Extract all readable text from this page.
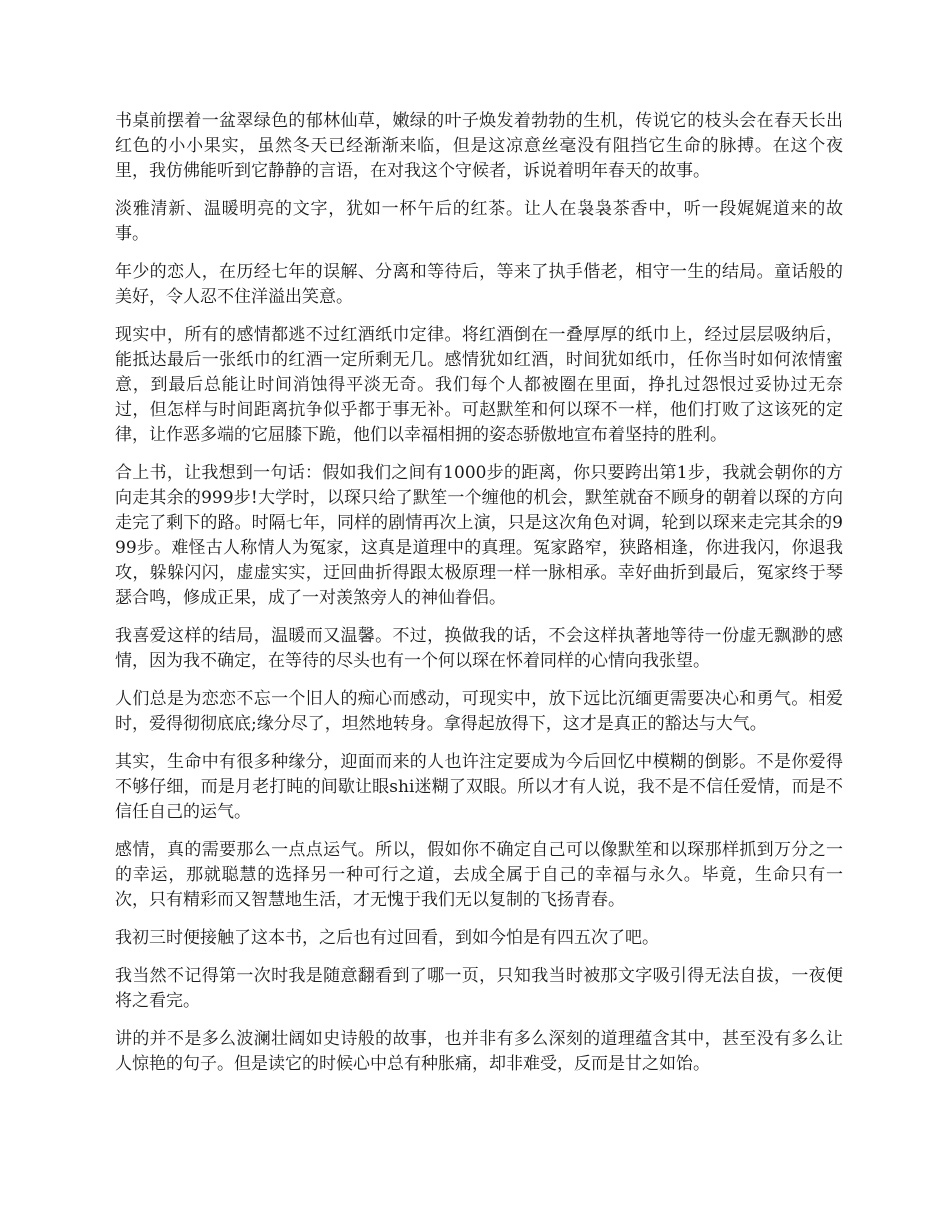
书桌前摆着一盆翠绿色的郁林仙草，嫩绿的叶子焕发着勃勃的生机，传说它的枝头会在春天长出红色的小小果实，虽然冬天已经渐渐来临，但是这凉意丝毫没有阻挡它生命的脉搏。在这个夜里，我仿佛能听到它静静的言语，在对我这个守候者，诉说着明年春天的故事。

淡雅清新、温暖明亮的文字，犹如一杯午后的红茶。让人在袅袅茶香中，听一段娓娓道来的故事。

年少的恋人，在历经七年的误解、分离和等待后，等来了执手偕老，相守一生的结局。童话般的美好，令人忍不住洋溢出笑意。

现实中，所有的感情都逃不过红酒纸巾定律。将红酒倒在一叠厚厚的纸巾上，经过层层吸纳后，能抵达最后一张纸巾的红酒一定所剩无几。感情犹如红酒，时间犹如纸巾，任你当时如何浓情蜜意，到最后总能让时间消蚀得平淡无奇。我们每个人都被圈在里面，挣扎过怨恨过妥协过无奈过，但怎样与时间距离抗争似乎都于事无补。可赵默笙和何以琛不一样，他们打败了这该死的定律，让作恶多端的它屈膝下跪，他们以幸福相拥的姿态骄傲地宣布着坚持的胜利。

合上书，让我想到一句话：假如我们之间有1000步的距离，你只要跨出第1步，我就会朝你的方向走其余的999步!大学时，以琛只给了默笙一个缠他的机会，默笙就奋不顾身的朝着以琛的方向走完了剩下的路。时隔七年，同样的剧情再次上演，只是这次角色对调，轮到以琛来走完其余的999步。难怪古人称情人为冤家，这真是道理中的真理。冤家路窄，狭路相逢，你进我闪，你退我攻，躲躲闪闪，虚虚实实，迂回曲折得跟太极原理一样一脉相承。幸好曲折到最后，冤家终于琴瑟合鸣，修成正果，成了一对羡煞旁人的神仙眷侣。

我喜爱这样的结局，温暖而又温馨。不过，换做我的话，不会这样执著地等待一份虚无飘渺的感情，因为我不确定，在等待的尽头也有一个何以琛在怀着同样的心情向我张望。

人们总是为恋恋不忘一个旧人的痴心而感动，可现实中，放下远比沉缅更需要决心和勇气。相爱时，爱得彻彻底底;缘分尽了，坦然地转身。拿得起放得下，这才是真正的豁达与大气。

其实，生命中有很多种缘分，迎面而来的人也许注定要成为今后回忆中模糊的倒影。不是你爱得不够仔细，而是月老打盹的间歇让眼shi迷糊了双眼。所以才有人说，我不是不信任爱情，而是不信任自己的运气。

感情，真的需要那么一点点运气。所以，假如你不确定自己可以像默笙和以琛那样抓到万分之一的幸运，那就聪慧的选择另一种可行之道，去成全属于自己的幸福与永久。毕竟，生命只有一次，只有精彩而又智慧地生活，才无愧于我们无以复制的飞扬青春。

我初三时便接触了这本书，之后也有过回看，到如今怕是有四五次了吧。

我当然不记得第一次时我是随意翻看到了哪一页，只知我当时被那文字吸引得无法自拔，一夜便将之看完。

讲的并不是多么波澜壮阔如史诗般的故事，也并非有多么深刻的道理蕴含其中，甚至没有多么让人惊艳的句子。但是读它的时候心中总有种胀痛，却非难受，反而是甘之如饴。
